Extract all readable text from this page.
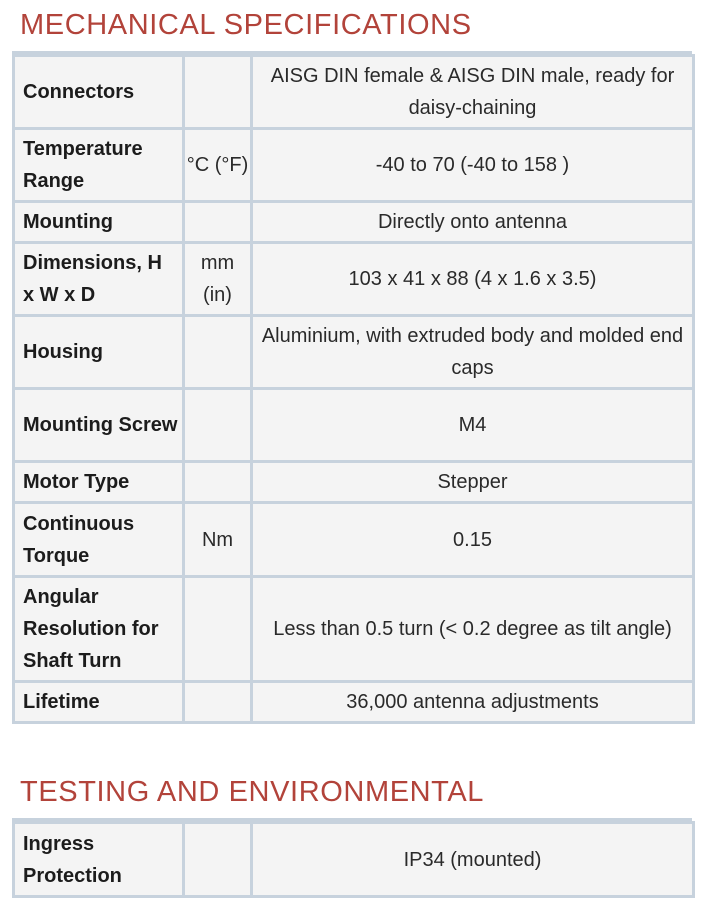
MECHANICAL SPECIFICATIONS
Connectors		AISG DIN female & AISG DIN male, ready for daisy-chaining
Temperature Range	°C (°F)	-40 to 70 (-40 to 158 )
Mounting		Directly onto antenna
Dimensions, H x W x D	mm (in)	103 x 41 x 88 (4 x 1.6 x 3.5)
Housing		Aluminium, with extruded body and molded end caps
Mounting Screw		M4
Motor Type		Stepper
Continuous Torque	Nm	0.15
Angular Resolution for Shaft Turn		Less than 0.5 turn (< 0.2 degree as tilt angle)
Lifetime		36,000 antenna adjustments
TESTING AND ENVIRONMENTAL
Ingress Protection		IP34 (mounted)
